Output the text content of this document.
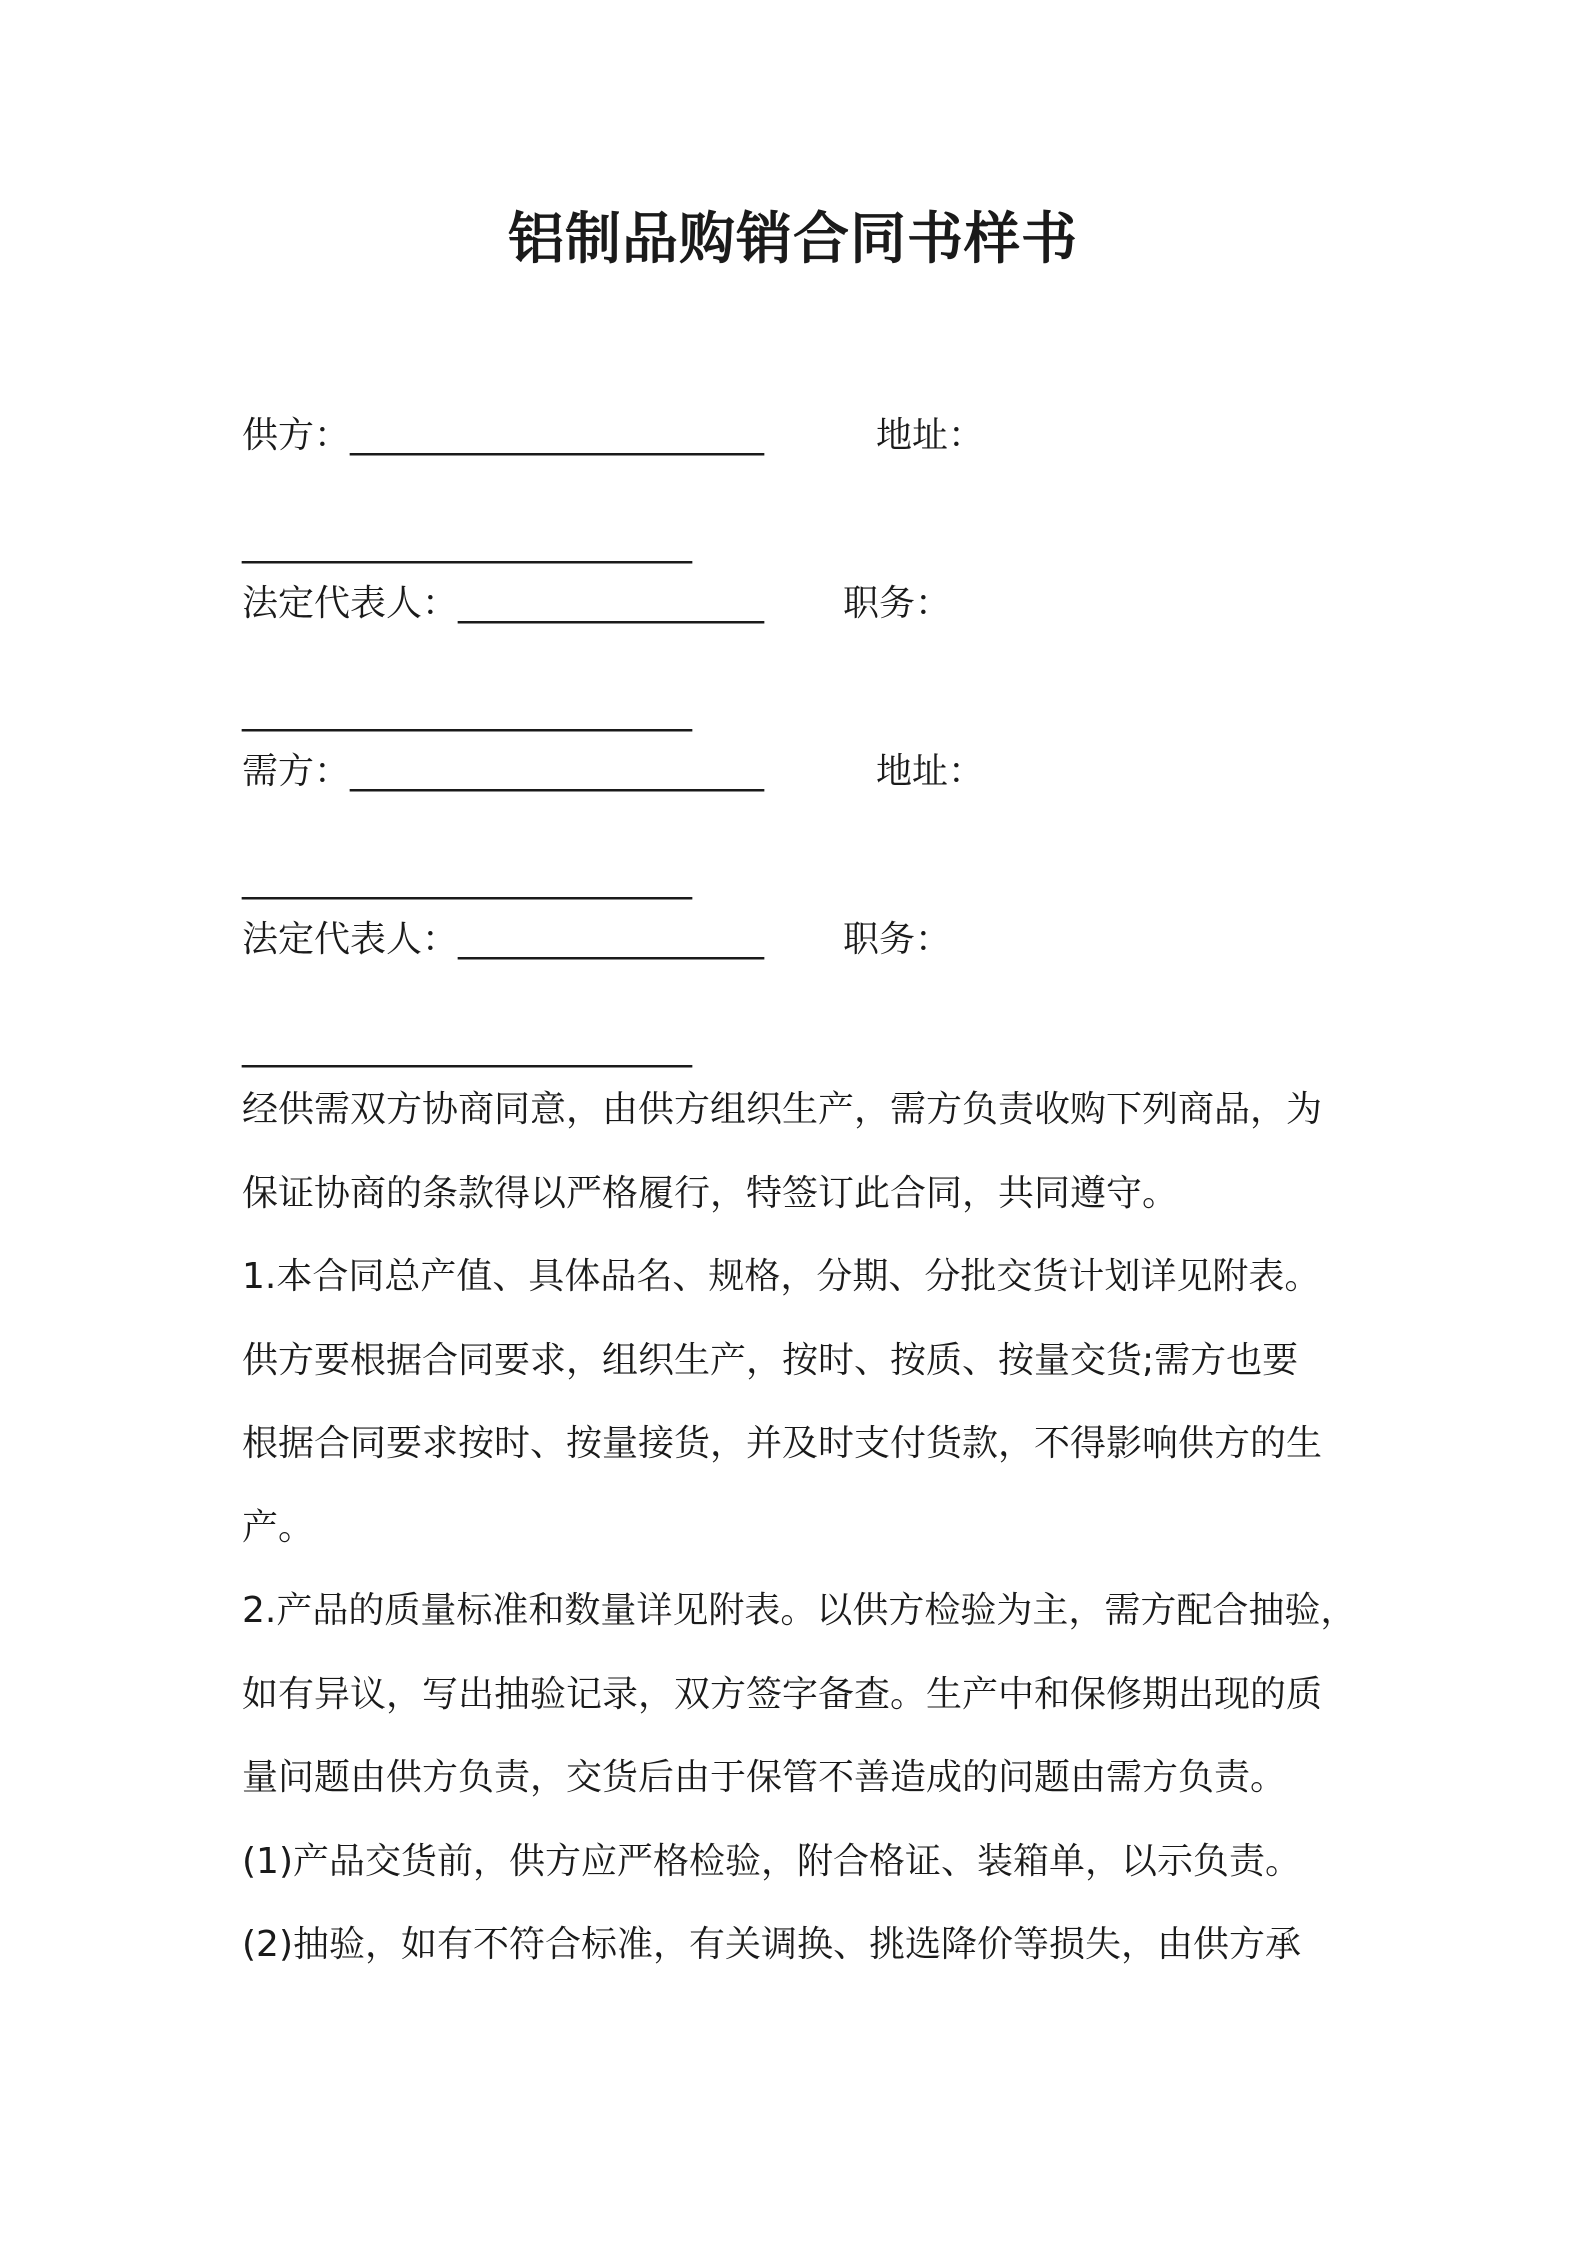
铝制品购销合同书样书
供方：_______________________	地址：
_________________________
法定代表人：_________________ 职务：
_________________________
需方：_______________________	地址：
_________________________
法定代表人：_________________ 职务：
_________________________
经供需双方协商同意，由供方组织生产，需方负责收购下列商品，为
保证协商的条款得以严格履行，特签订此合同，共同遵守。
1.本合同总产值、具体品名、规格，分期、分批交货计划详见附表。
供方要根据合同要求，组织生产，按时、按质、按量交货;需方也要
根据合同要求按时、按量接货，并及时支付货款，不得影响供方的生
产。
2.产品的质量标准和数量详见附表。以供方检验为主，需方配合抽验，
如有异议，写出抽验记录，双方签字备查。生产中和保修期出现的质
量问题由供方负责，交货后由于保管不善造成的问题由需方负责。
(1)产品交货前，供方应严格检验，附合格证、装箱单，以示负责。
(2)抽验，如有不符合标准，有关调换、挑选降价等损失，由供方承
